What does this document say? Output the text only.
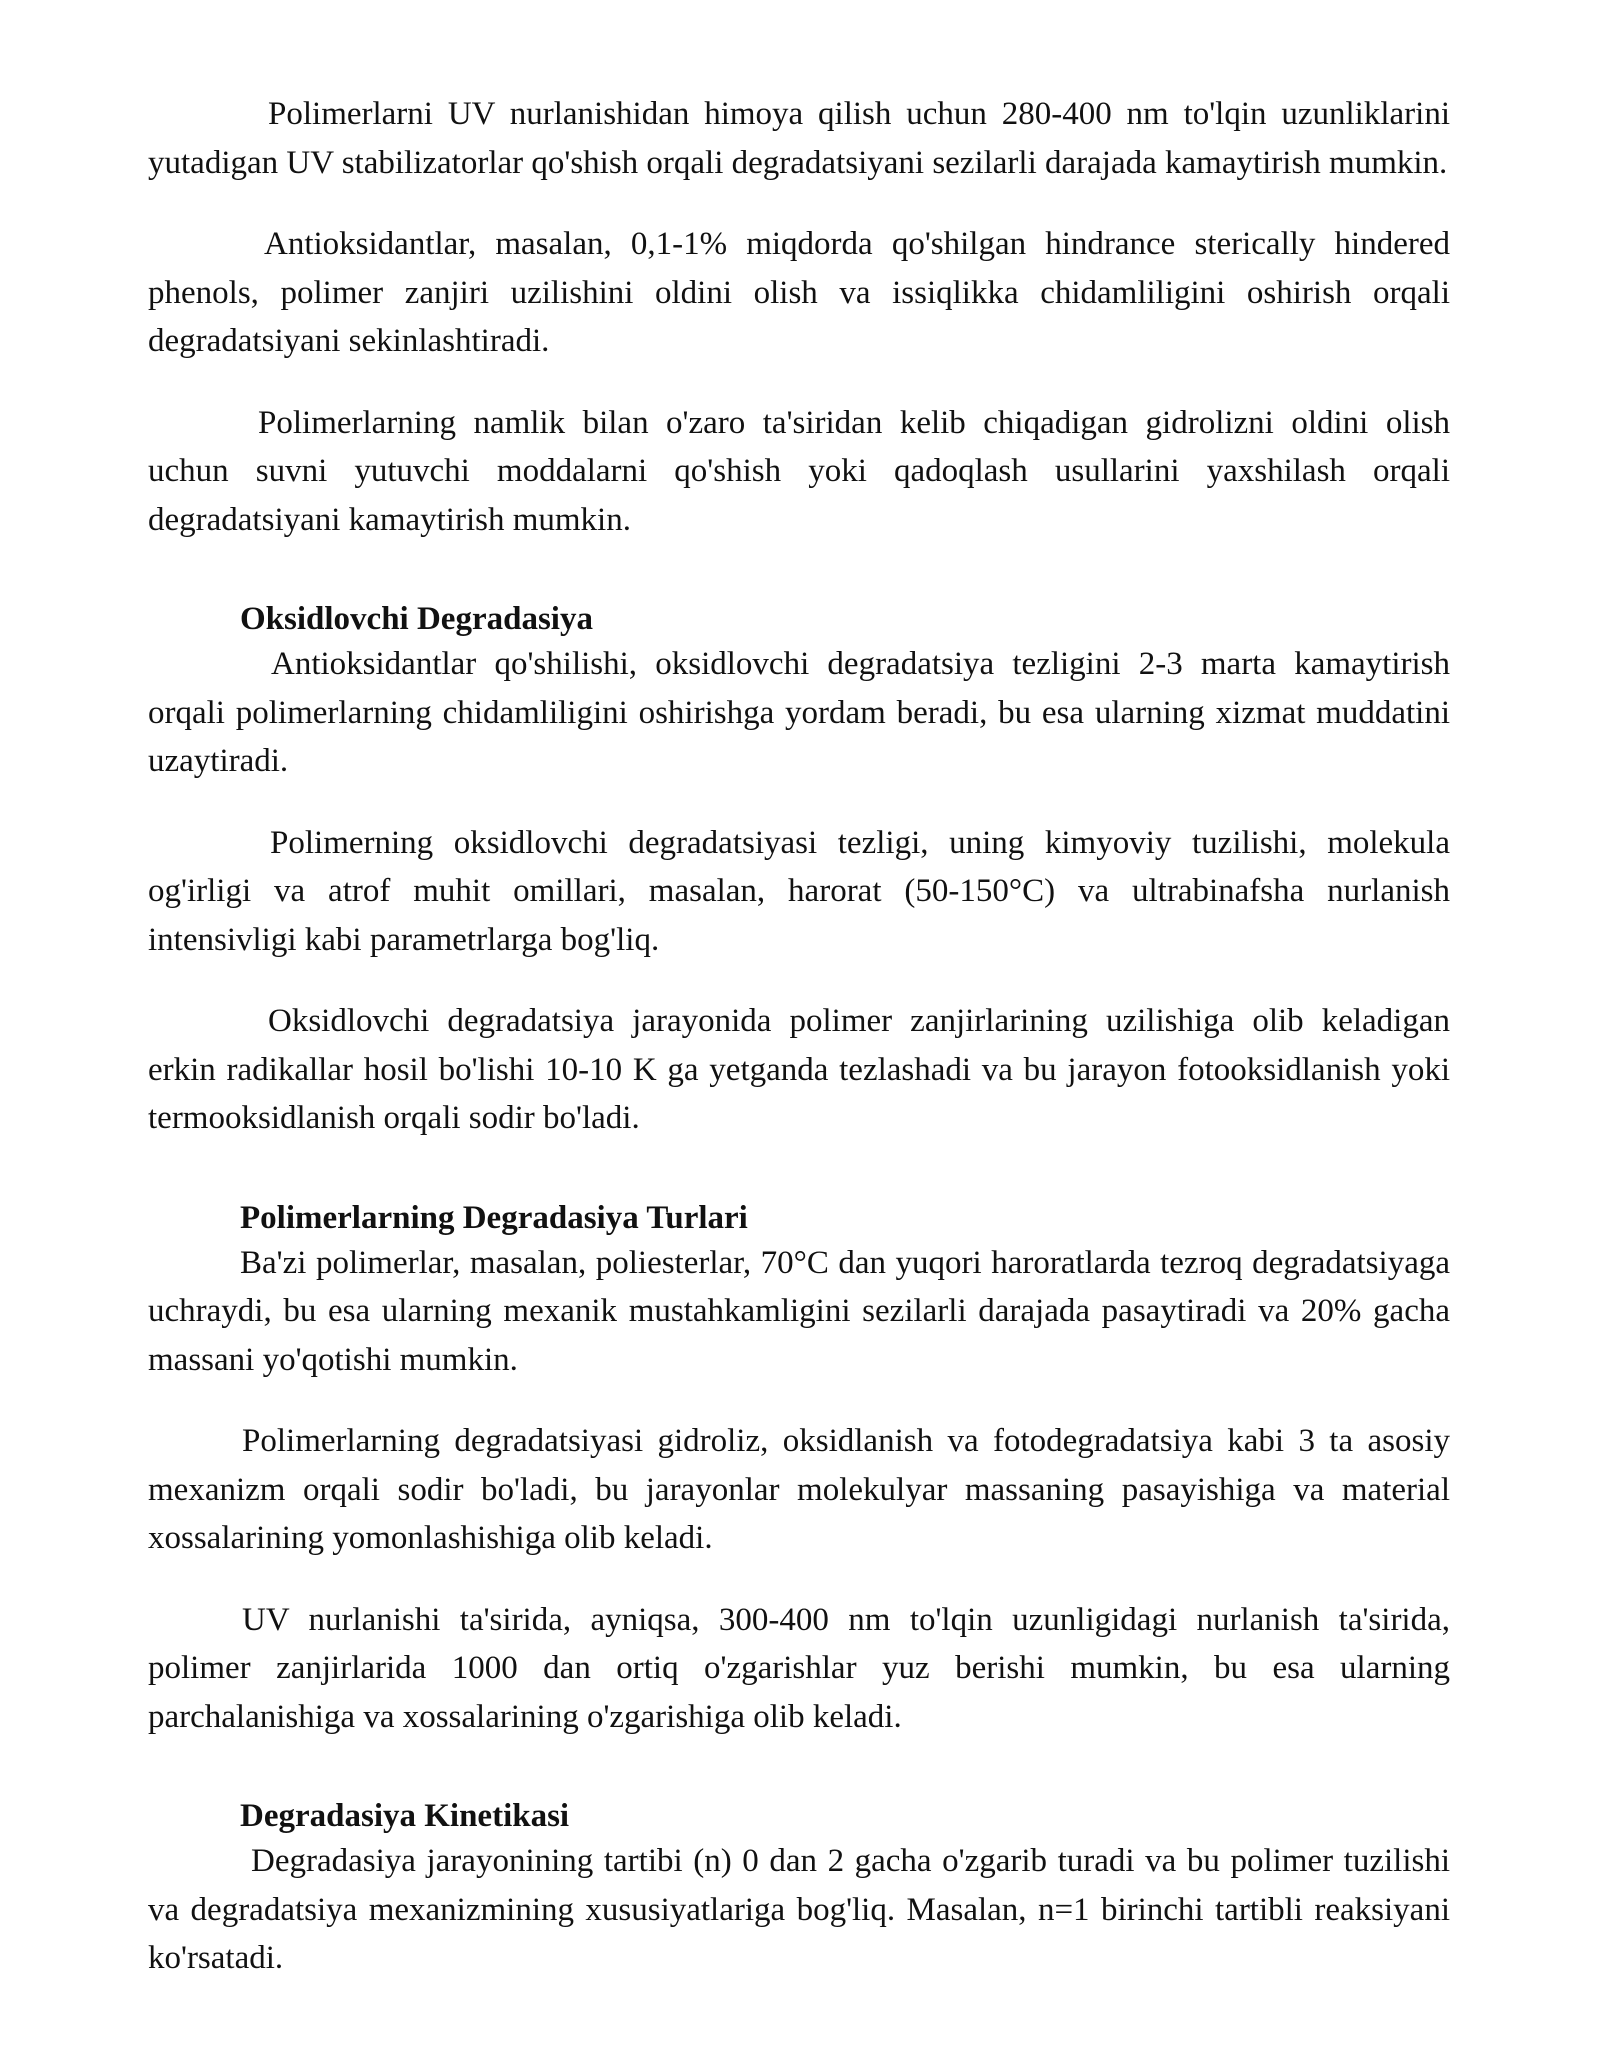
Polimerlarni UV nurlanishidan himoya qilish uchun 280-400 nm to'lqin uzunliklarini yutadigan UV stabilizatorlar qo'shish orqali degradatsiyani sezilarli darajada kamaytirish mumkin.

Antioksidantlar, masalan, 0,1-1% miqdorda qo'shilgan hindrance sterically hindered phenols, polimer zanjiri uzilishini oldini olish va issiqlikka chidamliligini oshirish orqali degradatsiyani sekinlashtiradi.

Polimerlarning namlik bilan o'zaro ta'siridan kelib chiqadigan gidrolizni oldini olish uchun suvni yutuvchi moddalarni qo'shish yoki qadoqlash usullarini yaxshilash orqali degradatsiyani kamaytirish mumkin.

Oksidlovchi Degradasiya

Antioksidantlar qo'shilishi, oksidlovchi degradatsiya tezligini 2-3 marta kamaytirish orqali polimerlarning chidamliligini oshirishga yordam beradi, bu esa ularning xizmat muddatini uzaytiradi.

Polimerning oksidlovchi degradatsiyasi tezligi, uning kimyoviy tuzilishi, molekula og'irligi va atrof muhit omillari, masalan, harorat (50-150°C) va ultrabinafsha nurlanish intensivligi kabi parametrlarga bog'liq.

Oksidlovchi degradatsiya jarayonida polimer zanjirlarining uzilishiga olib keladigan erkin radikallar hosil bo'lishi 10-10 K ga yetganda tezlashadi va bu jarayon fotooksidlanish yoki termooksidlanish orqali sodir bo'ladi.

Polimerlarning Degradasiya Turlari

Ba'zi polimerlar, masalan, poliesterlar, 70°C dan yuqori haroratlarda tezroq degradatsiyaga uchraydi, bu esa ularning mexanik mustahkamligini sezilarli darajada pasaytiradi va 20% gacha massani yo'qotishi mumkin.

Polimerlarning degradatsiyasi gidroliz, oksidlanish va fotodegradatsiya kabi 3 ta asosiy mexanizm orqali sodir bo'ladi, bu jarayonlar molekulyar massaning pasayishiga va material xossalarining yomonlashishiga olib keladi.

UV nurlanishi ta'sirida, ayniqsa, 300-400 nm to'lqin uzunligidagi nurlanish ta'sirida, polimer zanjirlarida 1000 dan ortiq o'zgarishlar yuz berishi mumkin, bu esa ularning parchalanishiga va xossalarining o'zgarishiga olib keladi.

Degradasiya Kinetikasi

Degradasiya jarayonining tartibi (n) 0 dan 2 gacha o'zgarib turadi va bu polimer tuzilishi va degradatsiya mexanizmining xususiyatlariga bog'liq. Masalan, n=1 birinchi tartibli reaksiyani ko'rsatadi.
